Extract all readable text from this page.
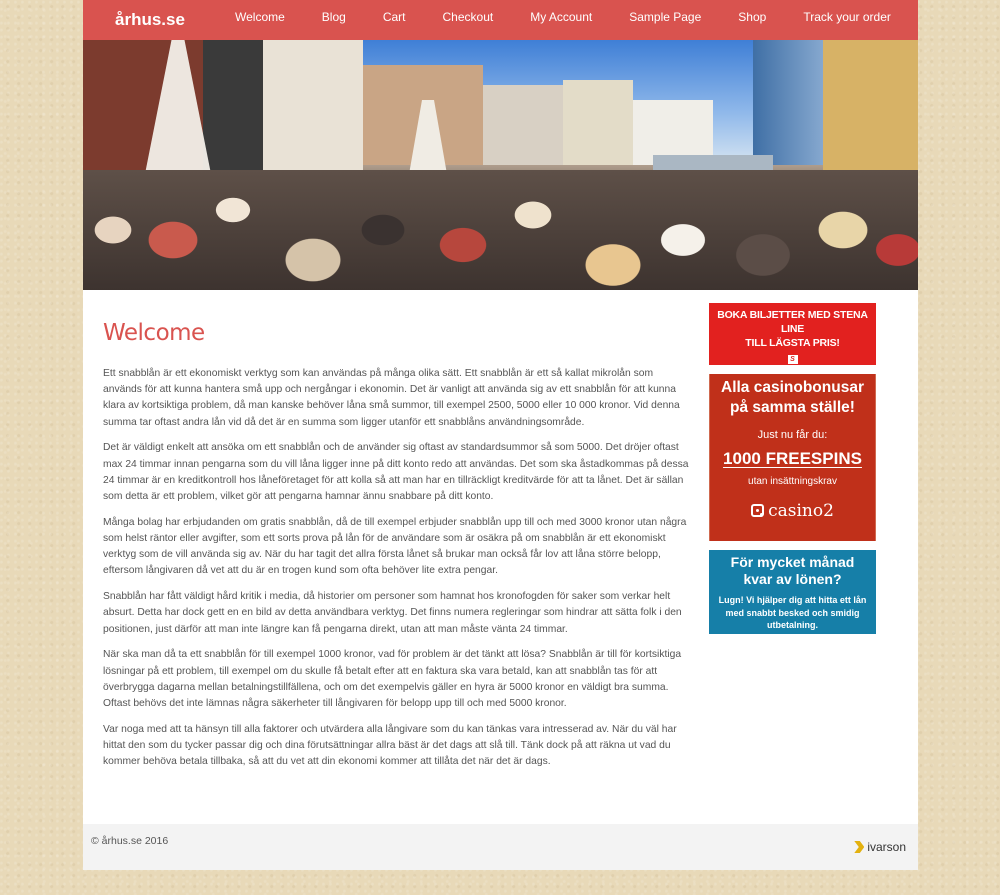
århus.se	Welcome	Blog	Cart	Checkout	My Account	Sample Page	Shop	Track your order
Welcome

Ett snabblån är ett ekonomiskt verktyg som kan användas på många olika sätt. Ett snabblån är ett så kallat mikrolån som används för att kunna hantera små upp och nergångar i ekonomin. Det är vanligt att använda sig av ett snabblån för att kunna klara av kortsiktiga problem, då man kanske behöver låna små summor, till exempel 2500, 5000 eller 10 000 kronor. Vid denna summa tar oftast andra lån vid då det är en summa som ligger utanför ett snabblåns användningsområde.

Det är väldigt enkelt att ansöka om ett snabblån och de använder sig oftast av standardsummor så som 5000. Det dröjer oftast max 24 timmar innan pengarna som du vill låna ligger inne på ditt konto redo att användas. Det som ska åstadkommas på dessa 24 timmar är en kreditkontroll hos låneföretaget för att kolla så att man har en tillräckligt kreditvärde för att ta lånet. Det är sällan som detta är ett problem, vilket gör att pengarna hamnar ännu snabbare på ditt konto.

Många bolag har erbjudanden om gratis snabblån, då de till exempel erbjuder snabblån upp till och med 3000 kronor utan några som helst räntor eller avgifter, som ett sorts prova på lån för de användare som är osäkra på om snabblån är ett ekonomiskt verktyg som de vill använda sig av. När du har tagit det allra första lånet så brukar man också får lov att låna större belopp, eftersom långivaren då vet att du är en trogen kund som ofta behöver lite extra pengar.

Snabblån har fått väldigt hård kritik i media, då historier om personer som hamnat hos kronofogden för saker som verkar helt absurt. Detta har dock gett en en bild av detta användbara verktyg. Det finns numera regleringar som hindrar att sätta folk i den positionen, just därför att man inte längre kan få pengarna direkt, utan att man måste vänta 24 timmar.

När ska man då ta ett snabblån för till exempel 1000 kronor, vad för problem är det tänkt att lösa? Snabblån är till för kortsiktiga lösningar på ett problem, till exempel om du skulle få betalt efter att en faktura ska vara betald, kan att snabblån tas för att överbrygga dagarna mellan betalningstillfällena, och om det exempelvis gäller en hyra är 5000 kronor en väldigt bra summa. Oftast behövs det inte lämnas några säkerheter till långivaren för belopp upp till och med 5000 kronor.

Var noga med att ta hänsyn till alla faktorer och utvärdera alla långivare som du kan tänkas vara intresserad av. När du väl har hittat den som du tycker passar dig och dina förutsättningar allra bäst är det dags att slå till. Tänk dock på att räkna ut vad du kommer behöva betala tillbaka, så att du vet att din ekonomi kommer att tillåta det när det är dags.

BOKA BILJETTER MED STENA LINE
TILL LÄGSTA PRIS!
S
Stena Line
Alla casinobonusar
på samma ställe!
Just nu får du:
1000 FREESPINS
utan insättningskrav
casino2
För mycket månad
kvar av lönen?
Lugn! Vi hjälper dig att hitta ett lån med snabbt besked och smidig utbetalning.
© århus.se 2016	ivarson
